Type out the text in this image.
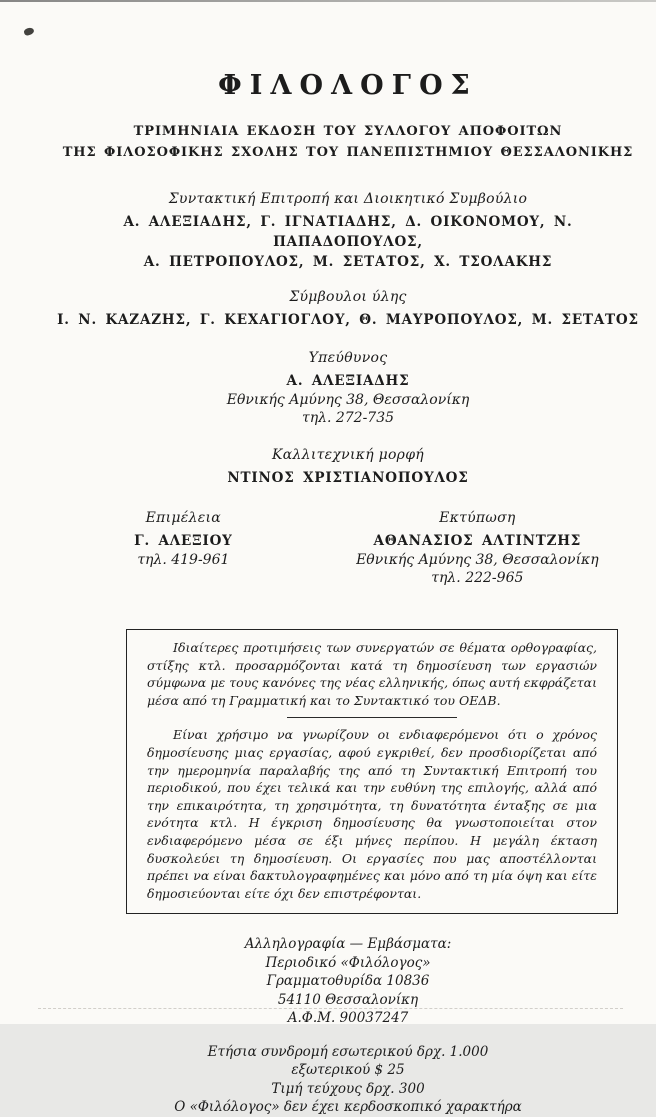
ΦΙΛΟΛΟΓΟΣ
ΤΡΙΜΗΝΙΑΙΑ ΕΚΔΟΣΗ ΤΟΥ ΣΥΛΛΟΓΟΥ ΑΠΟΦΟΙΤΩΝ
ΤΗΣ ΦΙΛΟΣΟΦΙΚΗΣ ΣΧΟΛΗΣ ΤΟΥ ΠΑΝΕΠΙΣΤΗΜΙΟΥ ΘΕΣΣΑΛΟΝΙΚΗΣ
Συντακτική Επιτροπή και Διοικητικό Συμβούλιο
Α. ΑΛΕΞΙΑΔΗΣ, Γ. ΙΓΝΑΤΙΑΔΗΣ, Δ. ΟΙΚΟΝΟΜΟΥ, Ν. ΠΑΠΑΔΟΠΟΥΛΟΣ,
Α. ΠΕΤΡΟΠΟΥΛΟΣ, Μ. ΣΕΤΑΤΟΣ, Χ. ΤΣΟΛΑΚΗΣ
Σύμβουλοι ύλης
Ι. Ν. ΚΑΖΑΖΗΣ, Γ. ΚΕΧΑΓΙΟΓΛΟΥ, Θ. ΜΑΥΡΟΠΟΥΛΟΣ, Μ. ΣΕΤΑΤΟΣ
Υπεύθυνος
Α. ΑΛΕΞΙΑΔΗΣ
Εθνικής Αμύνης 38, Θεσσαλονίκη
τηλ. 272-735
Καλλιτεχνική μορφή
ΝΤΙΝΟΣ ΧΡΙΣΤΙΑΝΟΠΟΥΛΟΣ
Επιμέλεια
Γ. ΑΛΕΞΙΟΥ
τηλ. 419-961
Εκτύπωση
ΑΘΑΝΑΣΙΟΣ ΑΛΤΙΝΤΖΗΣ
Εθνικής Αμύνης 38, Θεσσαλονίκη
τηλ. 222-965

Ιδιαίτερες προτιμήσεις των συνεργατών σε θέματα ορθογραφίας, στίξης κτλ. προσαρμόζονται κατά τη δημοσίευση των εργασιών σύμφωνα με τους κανόνες της νέας ελληνικής, όπως αυτή εκφράζεται μέσα από τη Γραμματική και το Συντακτικό του ΟΕΔΒ.

Είναι χρήσιμο να γνωρίζουν οι ενδιαφερόμενοι ότι ο χρόνος δημοσίευσης μιας εργασίας, αφού εγκριθεί, δεν προσδιορίζεται από την ημερομηνία παραλαβής της από τη Συντακτική Επιτροπή του περιοδικού, που έχει τελικά και την ευθύνη της επιλογής, αλλά από την επικαιρότητα, τη χρησιμότητα, τη δυνατότητα ένταξης σε μια ενότητα κτλ. Η έγκριση δημοσίευσης θα γνωστοποιείται στον ενδιαφερόμενο μέσα σε έξι μήνες περίπου. Η μεγάλη έκταση δυσκολεύει τη δημοσίευση. Οι εργασίες που μας αποστέλλονται πρέπει να είναι δακτυλογραφημένες και μόνο από τη μία όψη και είτε δημοσιεύονται είτε όχι δεν επιστρέφονται.

Αλληλογραφία — Εμβάσματα:
Περιοδικό «Φιλόλογος»
Γραμματοθυρίδα 10836
54110 Θεσσαλονίκη
Α.Φ.Μ. 90037247
Ετήσια συνδρομή εσωτερικού δρχ. 1.000
εξωτερικού $ 25
Τιμή τεύχους δρχ. 300
Ο «Φιλόλογος» δεν έχει κερδοσκοπικό χαρακτήρα
